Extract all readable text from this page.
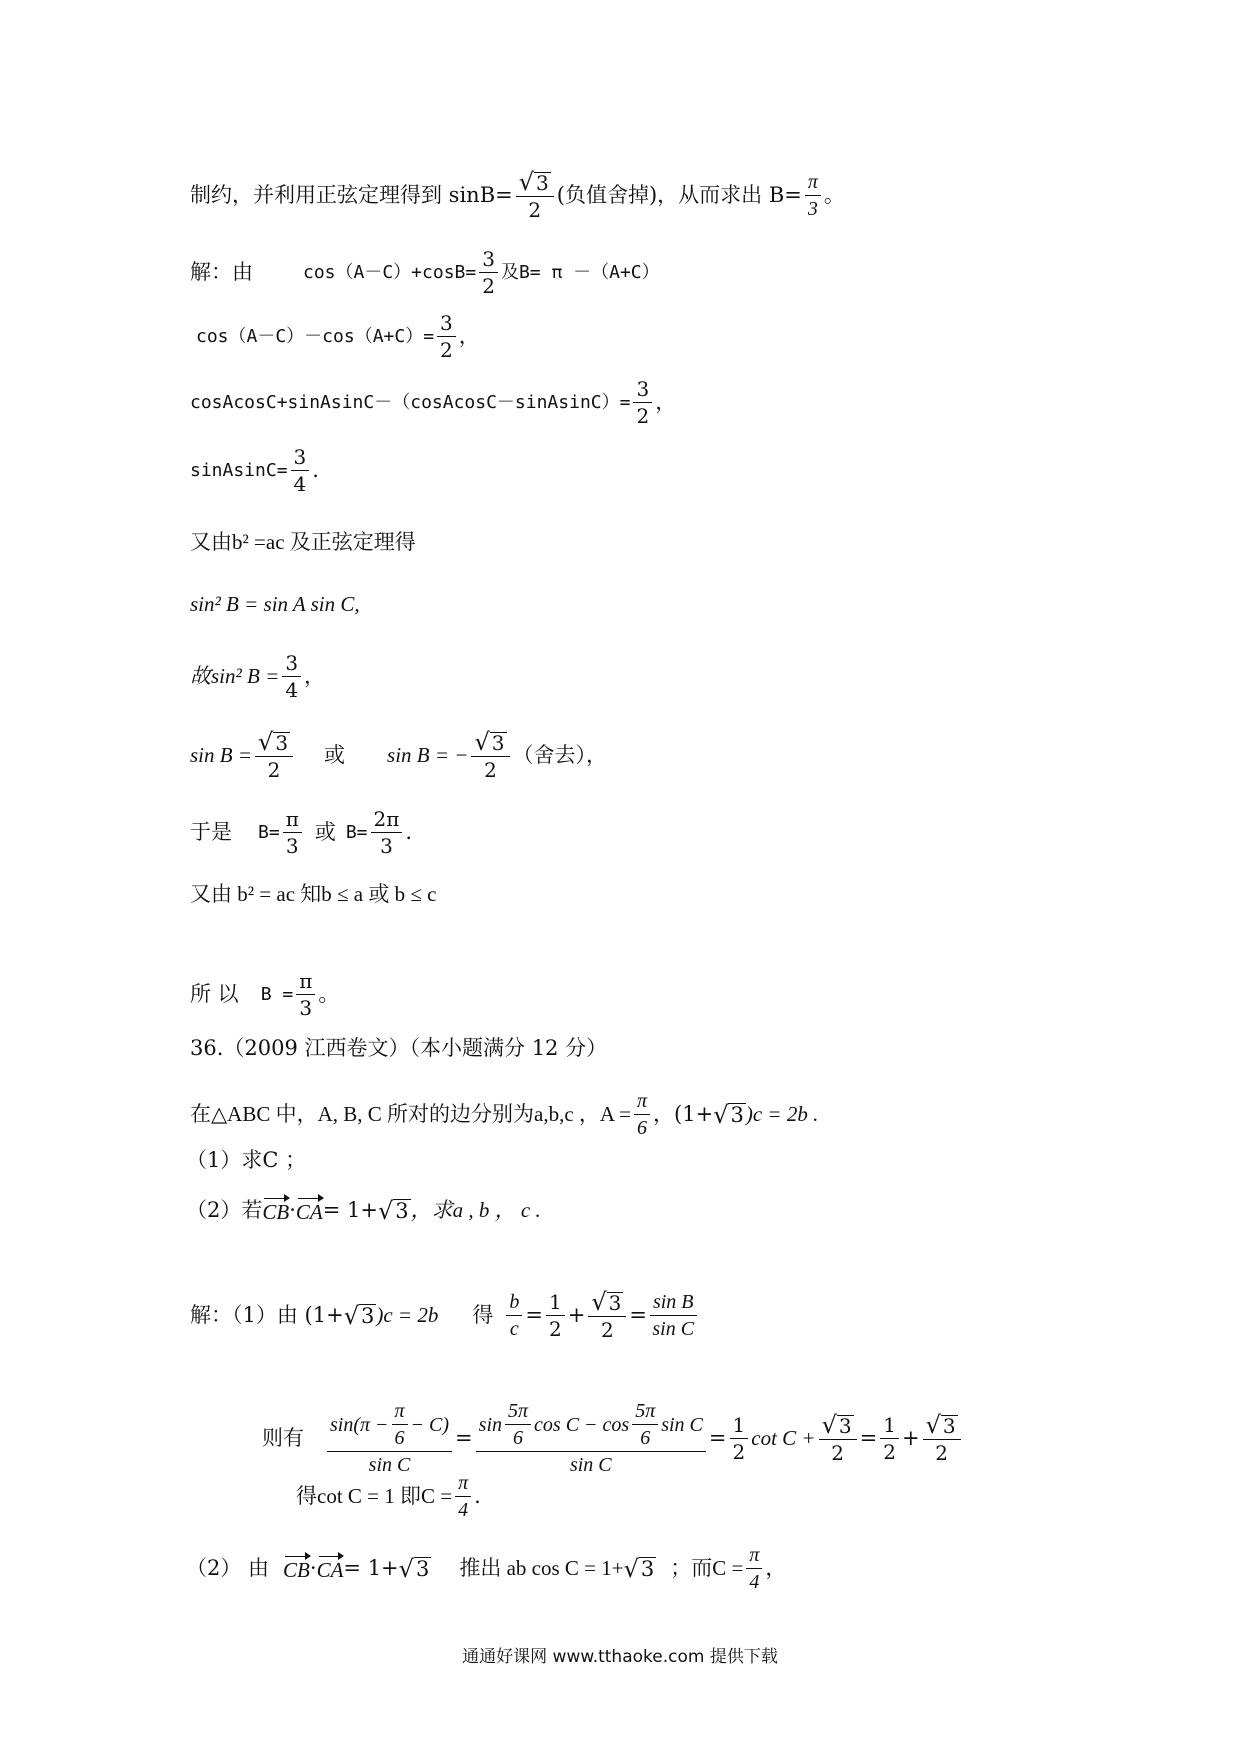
制约，并利用正弦定理得到 $\sin B= \frac{√ 3}{2}$ (负值舍掉)，从而求出 $B= \frac{\pi}{3}$ 。
解：由	$\cos(A-C)+\cos B= \frac{3}{2}$ 及B= π －（A+C）
$\cos(A-C)-\cos(A+C)= \frac{3}{2}$ ，
cosAcosC+sinAsinC－（cosAcosC－sinAsinC）= $\frac{3}{2}$ ，
sinAsinC= $\frac{3}{4}$ .
又由b² =ac 及正弦定理得
sin² B = sin A sin C,
故sin² $B = \frac{3}{4}$ ，
$\sin B = \frac{√ 3}{2}$ 或 sin B = − $\frac{√ 3}{2}$ （舍去），
于是 $B= \frac{\pi}{3}$ 或 $B= \frac{2\pi}{3}$ .
又由 b² = ac 知b ≤ a 或 b ≤ c
所 以 $B = \frac{\pi}{3}$ 。
36.（2009 江西卷文）（本小题满分 12 分）
在△ABC 中，A, B, C 所对的边分别为a,b,c ，$A = \frac{\pi}{6}$ ，(1+ √ 3 )c = 2b .
（1）求C ；
（2）若 CB · CA = 1+ √ 3 ，求a , b ， c .
解：（1）由 (1+ √ 3 )c = 2b 得 $\frac{b}{c} = \frac{1}{2} + \frac{√ 3}{2} = \frac{\text{sin B}}{\text{sin C}}$
则有 $\frac{\sin(\pi - \frac{\pi}{6} - C)}{\text{sin C}} = \frac{\sin \frac{5\pi}{6} \cos C - \cos \frac{5\pi}{6} \sin C}{\text{sin C}} = \frac{1}{2}$ $\cot C + \frac{√ 3}{2} = \frac{1}{2} + \frac{√ 3}{2}$
得cot C = 1 即$C = \frac{\pi}{4}$ .
（2） 由 CB · CA = 1+ √ 3 推出 ab cos C = 1+ √ 3 ；而$C = \frac{\pi}{4}$ ，
通通好课网 www.tthaoke.com 提供下载
